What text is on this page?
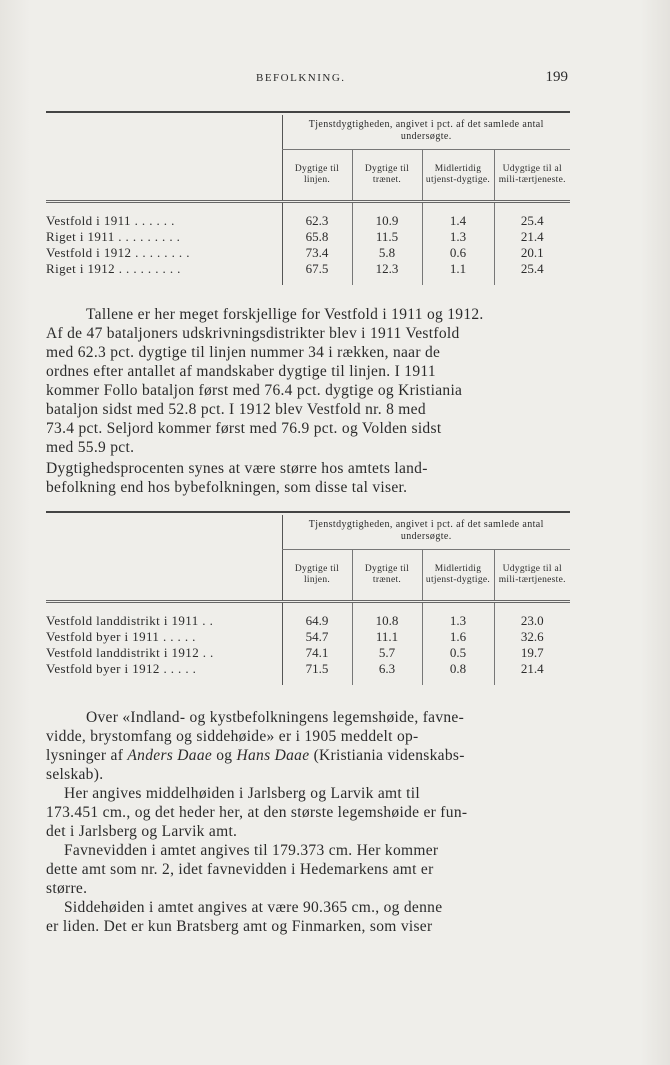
BEFOLKNING.	199
	Tjenstdygtigheden, angivet i pct. af det samlede antal undersøgte.			
	Dygtige til linjen.	Dygtige til trænet.	Midlertidig utjenst-dygtige.	Udygtige til al mili-tærtjeneste.
Vestfold i 1911 . . . . . .	62.3	10.9	1.4	25.4
Riget i 1911 . . . . . . . . .	65.8	11.5	1.3	21.4
Vestfold i 1912 . . . . . . . .	73.4	5.8	0.6	20.1
Riget i 1912 . . . . . . . . .	67.5	12.3	1.1	25.4
Tallene er her meget forskjellige for Vestfold i 1911 og 1912.
Af de 47 bataljoners udskrivningsdistrikter blev i 1911 Vestfold
med 62.3 pct. dygtige til linjen nummer 34 i rækken, naar de
ordnes efter antallet af mandskaber dygtige til linjen. I 1911
kommer Follo bataljon først med 76.4 pct. dygtige og Kristiania
bataljon sidst med 52.8 pct. I 1912 blev Vestfold nr. 8 med
73.4 pct. Seljord kommer først med 76.9 pct. og Volden sidst
med 55.9 pct.
Dygtighedsprocenten synes at være større hos amtets land-
befolkning end hos bybefolkningen, som disse tal viser.
	Tjenstdygtigheden, angivet i pct. af det samlede antal undersøgte.			
	Dygtige til linjen.	Dygtige til trænet.	Midlertidig utjenst-dygtige.	Udygtige til al mili-tærtjeneste.
Vestfold landdistrikt i 1911 . .	64.9	10.8	1.3	23.0
Vestfold byer i 1911 . . . . .	54.7	11.1	1.6	32.6
Vestfold landdistrikt i 1912 . .	74.1	5.7	0.5	19.7
Vestfold byer i 1912 . . . . .	71.5	6.3	0.8	21.4
Over «Indland- og kystbefolkningens legemshøide, favne-
vidde, brystomfang og siddehøide» er i 1905 meddelt op-
lysninger af Anders Daae og Hans Daae (Kristiania videnskabs-
selskab).
Her angives middelhøiden i Jarlsberg og Larvik amt til
173.451 cm., og det heder her, at den største legemshøide er fun-
det i Jarlsberg og Larvik amt.
Favnevidden i amtet angives til 179.373 cm. Her kommer
dette amt som nr. 2, idet favnevidden i Hedemarkens amt er
større.
Siddehøiden i amtet angives at være 90.365 cm., og denne
er liden. Det er kun Bratsberg amt og Finmarken, som viser
